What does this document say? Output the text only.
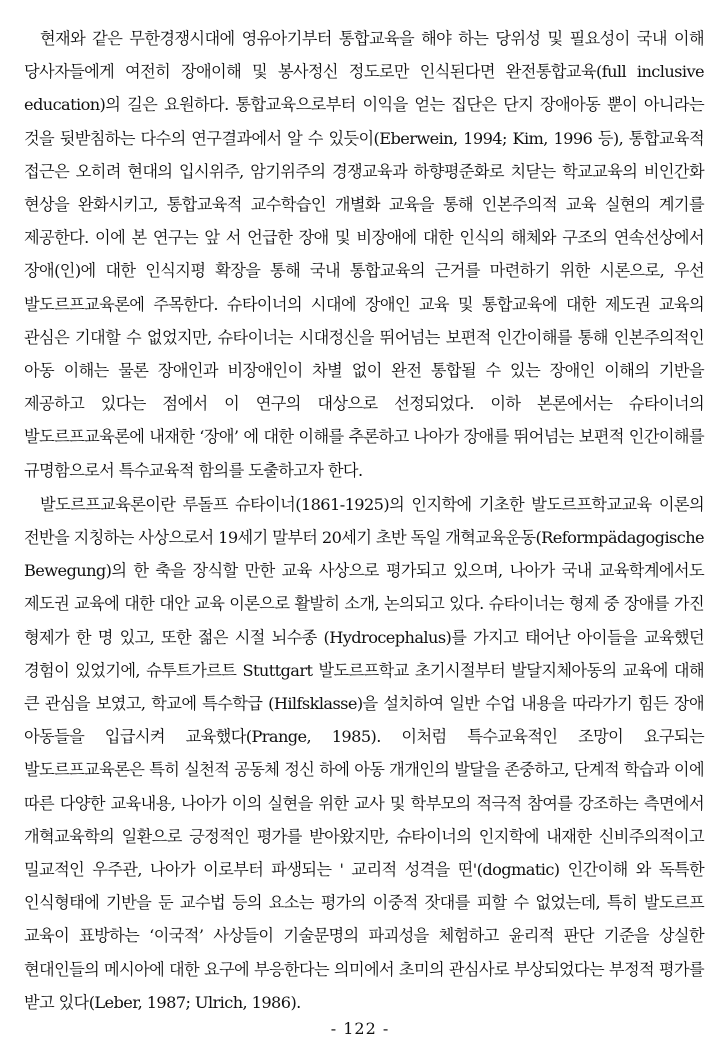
현재와 같은 무한경쟁시대에 영유아기부터 통합교육을 해야 하는 당위성 및 필요성이 국내 이해 당사자들에게 여전히 장애이해 및 봉사정신 정도로만 인식된다면 완전통합교육(full inclusive education)의 길은 요원하다. 통합교육으로부터 이익을 얻는 집단은 단지 장애아동 뿐이 아니라는 것을 뒷받침하는 다수의 연구결과에서 알 수 있듯이(Eberwein, 1994; Kim, 1996 등), 통합교육적 접근은 오히려 현대의 입시위주, 암기위주의 경쟁교육과 하향평준화로 치닫는 학교교육의 비인간화 현상을 완화시키고, 통합교육적 교수학습인 개별화 교육을 통해 인본주의적 교육 실현의 계기를 제공한다. 이에 본 연구는 앞 서 언급한 장애 및 비장애에 대한 인식의 해체와 구조의 연속선상에서 장애(인)에 대한 인식지평 확장을 통해 국내 통합교육의 근거를 마련하기 위한 시론으로, 우선 발도르프교육론에 주목한다. 슈타이너의 시대에 장애인 교육 및 통합교육에 대한 제도권 교육의 관심은 기대할 수 없었지만, 슈타이너는 시대정신을 뛰어넘는 보편적 인간이해를 통해 인본주의적인 아동 이해는 물론 장애인과 비장애인이 차별 없이 완전 통합될 수 있는 장애인 이해의 기반을 제공하고 있다는 점에서 이 연구의 대상으로 선정되었다. 이하 본론에서는 슈타이너의 발도르프교육론에 내재한 ‘장애’ 에 대한 이해를 추론하고 나아가 장애를 뛰어넘는 보편적 인간이해를 규명함으로서 특수교육적 함의를 도출하고자 한다.

발도르프교육론이란 루돌프 슈타이너(1861-1925)의 인지학에 기초한 발도르프학교교육 이론의 전반을 지칭하는 사상으로서 19세기 말부터 20세기 초반 독일 개혁교육운동(Reformpädagogische Bewegung)의 한 축을 장식할 만한 교육 사상으로 평가되고 있으며, 나아가 국내 교육학계에서도 제도권 교육에 대한 대안 교육 이론으로 활발히 소개, 논의되고 있다. 슈타이너는 형제 중 장애를 가진 형제가 한 명 있고, 또한 젊은 시절 뇌수종 (Hydrocephalus)를 가지고 태어난 아이들을 교육했던 경험이 있었기에, 슈투트가르트 Stuttgart 발도르프학교 초기시절부터 발달지체아동의 교육에 대해 큰 관심을 보였고, 학교에 특수학급 (Hilfsklasse)을 설치하여 일반 수업 내용을 따라가기 힘든 장애 아동들을 입급시켜 교육했다(Prange, 1985). 이처럼 특수교육적인 조망이 요구되는 발도르프교육론은 특히 실천적 공동체 정신 하에 아동 개개인의 발달을 존중하고, 단계적 학습과 이에 따른 다양한 교육내용, 나아가 이의 실현을 위한 교사 및 학부모의 적극적 참여를 강조하는 측면에서 개혁교육학의 일환으로 긍정적인 평가를 받아왔지만, 슈타이너의 인지학에 내재한 신비주의적이고 밀교적인 우주관, 나아가 이로부터 파생되는 ' 교리적 성격을 띤'(dogmatic) 인간이해 와 독특한 인식형태에 기반을 둔 교수법 등의 요소는 평가의 이중적 잣대를 피할 수 없었는데, 특히 발도르프 교육이 표방하는 ‘이국적’ 사상들이 기술문명의 파괴성을 체험하고 윤리적 판단 기준을 상실한 현대인들의 메시아에 대한 요구에 부응한다는 의미에서 초미의 관심사로 부상되었다는 부정적 평가를 받고 있다(Leber, 1987; Ulrich, 1986).

- 122 -
